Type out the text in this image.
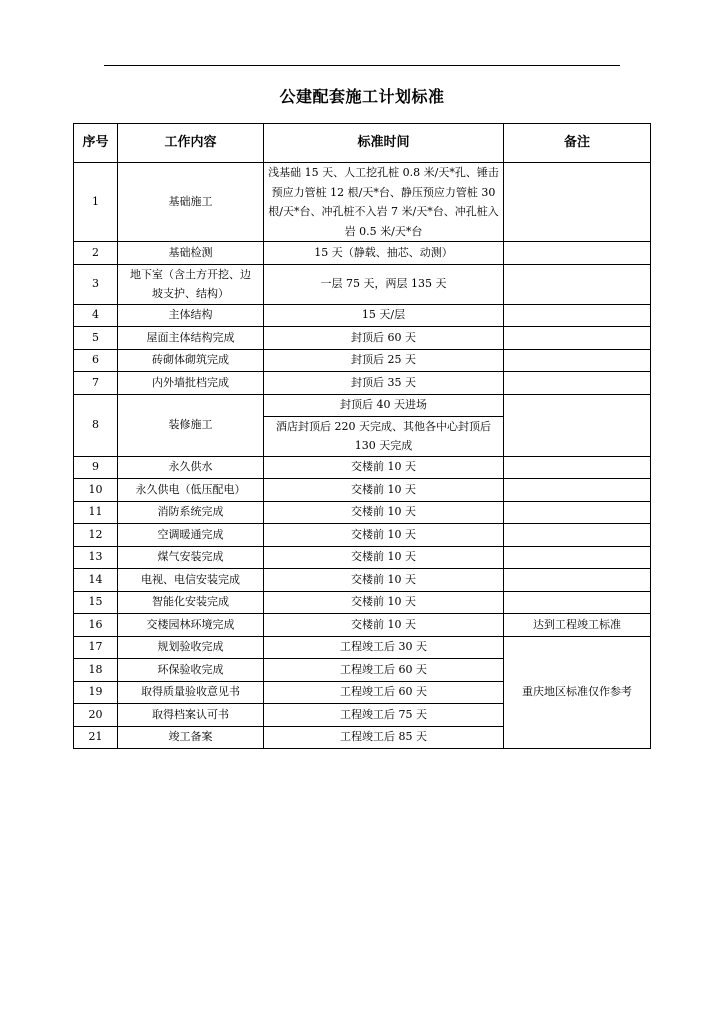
公建配套施工计划标准
序号	工作内容	标准时间	备注
1	基础施工	浅基础 15 天、人工挖孔桩 0.8 米/天*孔、锤击预应力管桩 12 根/天*台、静压预应力管桩 30 根/天*台、冲孔桩不入岩 7 米/天*台、冲孔桩入岩 0.5 米/天*台	
2	基础检测	15 天（静载、抽芯、动测）	
3	地下室（含土方开挖、边坡支护、结构）	一层 75 天，两层 135 天	
4	主体结构	15 天/层	
5	屋面主体结构完成	封顶后 60 天	
6	砖砌体砌筑完成	封顶后 25 天	
7	内外墙批档完成	封顶后 35 天	
8	装修施工	封顶后 40 天进场	
		酒店封顶后 220 天完成、其他各中心封顶后 130 天完成	
9	永久供水	交楼前 10 天	
10	永久供电（低压配电）	交楼前 10 天	
11	消防系统完成	交楼前 10 天	
12	空调暖通完成	交楼前 10 天	
13	煤气安装完成	交楼前 10 天	
14	电视、电信安装完成	交楼前 10 天	
15	智能化安装完成	交楼前 10 天	
16	交楼园林环境完成	交楼前 10 天	达到工程竣工标准
17	规划验收完成	工程竣工后 30 天	重庆地区标准仅作参考
18	环保验收完成	工程竣工后 60 天	
19	取得质量验收意见书	工程竣工后 60 天	
20	取得档案认可书	工程竣工后 75 天	
21	竣工备案	工程竣工后 85 天	
